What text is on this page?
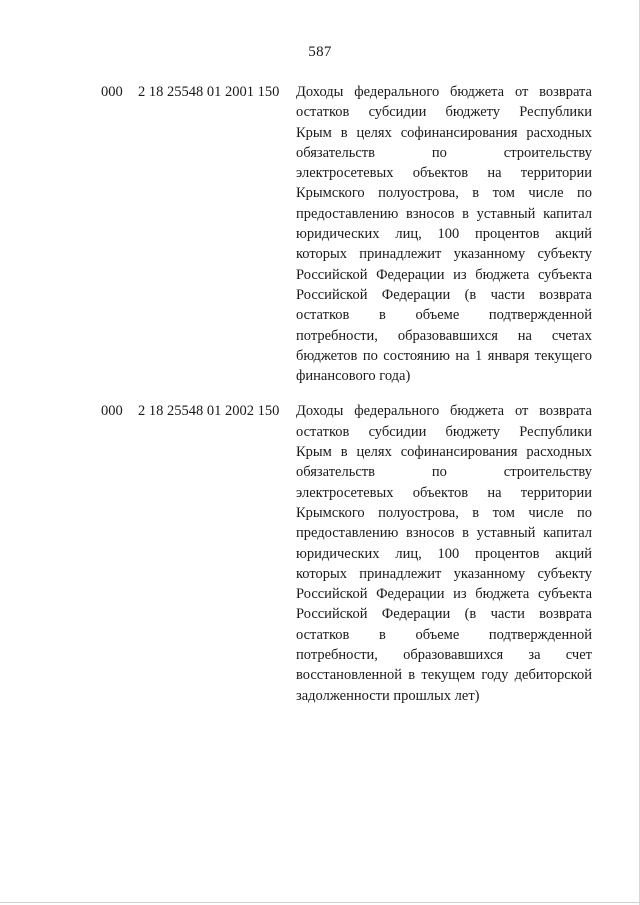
587
000 2 18 25548 01 2001 150 Доходы федерального бюджета от возврата
остатков субсидии бюджету Республики
Крым в целях софинансирования расходных
обязательств по строительству
электросетевых объектов на территории
Крымского полуострова, в том числе по
предоставлению взносов в уставный капитал
юридических лиц, 100 процентов акций
которых принадлежит указанному субъекту
Российской Федерации из бюджета субъекта
Российской Федерации (в части возврата
остатков в объеме подтвержденной
потребности, образовавшихся на счетах
бюджетов по состоянию на 1 января текущего
финансового года)
000 2 18 25548 01 2002 150 Доходы федерального бюджета от возврата
остатков субсидии бюджету Республики
Крым в целях софинансирования расходных
обязательств по строительству
электросетевых объектов на территории
Крымского полуострова, в том числе по
предоставлению взносов в уставный капитал
юридических лиц, 100 процентов акций
которых принадлежит указанному субъекту
Российской Федерации из бюджета субъекта
Российской Федерации (в части возврата
остатков в объеме подтвержденной
потребности, образовавшихся за счет
восстановленной в текущем году дебиторской
задолженности прошлых лет)
